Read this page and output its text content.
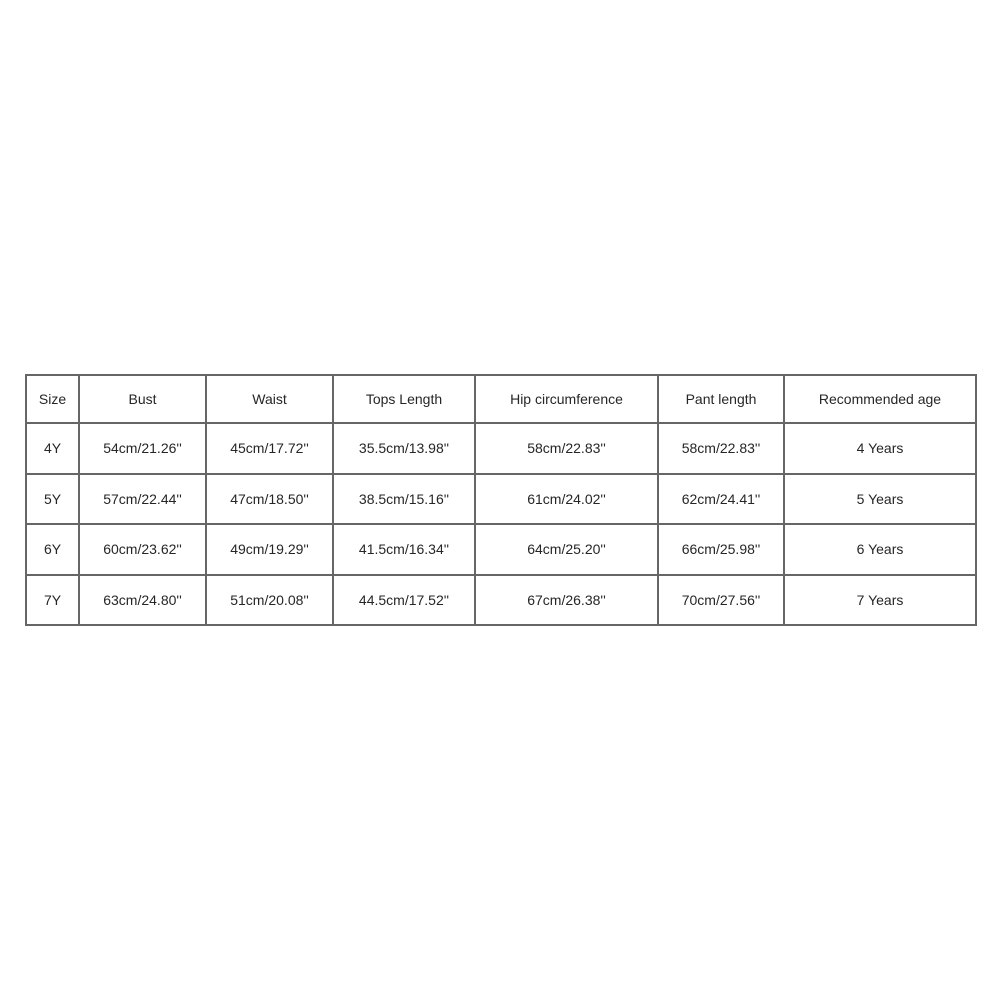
Size	Bust	Waist	Tops Length	Hip circumference	Pant length	Recommended age
4Y	54cm/21.26''	45cm/17.72''	35.5cm/13.98''	58cm/22.83''	58cm/22.83''	4 Years
5Y	57cm/22.44''	47cm/18.50''	38.5cm/15.16''	61cm/24.02''	62cm/24.41''	5 Years
6Y	60cm/23.62''	49cm/19.29''	41.5cm/16.34''	64cm/25.20''	66cm/25.98''	6 Years
7Y	63cm/24.80''	51cm/20.08''	44.5cm/17.52''	67cm/26.38''	70cm/27.56''	7 Years
